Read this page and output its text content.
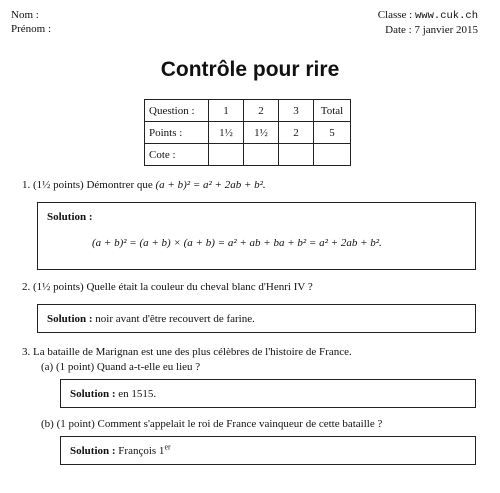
Nom :
Prénom :
Classe : www.cuk.ch
Date : 7 janvier 2015
Contrôle pour rire
Question :	1	2	3	Total
Points :	1½	1½	2	5
Cote :				
1. (1½ points) Démontrer que (a + b)² = a² + 2ab + b².
Solution :
(a + b)² = (a + b) × (a + b) = a² + ab + ba + b² = a² + 2ab + b².
2. (1½ points) Quelle était la couleur du cheval blanc d'Henri IV ?
Solution : noir avant d'être recouvert de farine.
3. La bataille de Marignan est une des plus célèbres de l'histoire de France.
(a) (1 point) Quand a-t-elle eu lieu ?
Solution : en 1515.
(b) (1 point) Comment s'appelait le roi de France vainqueur de cette bataille ?
Solution : François 1er
